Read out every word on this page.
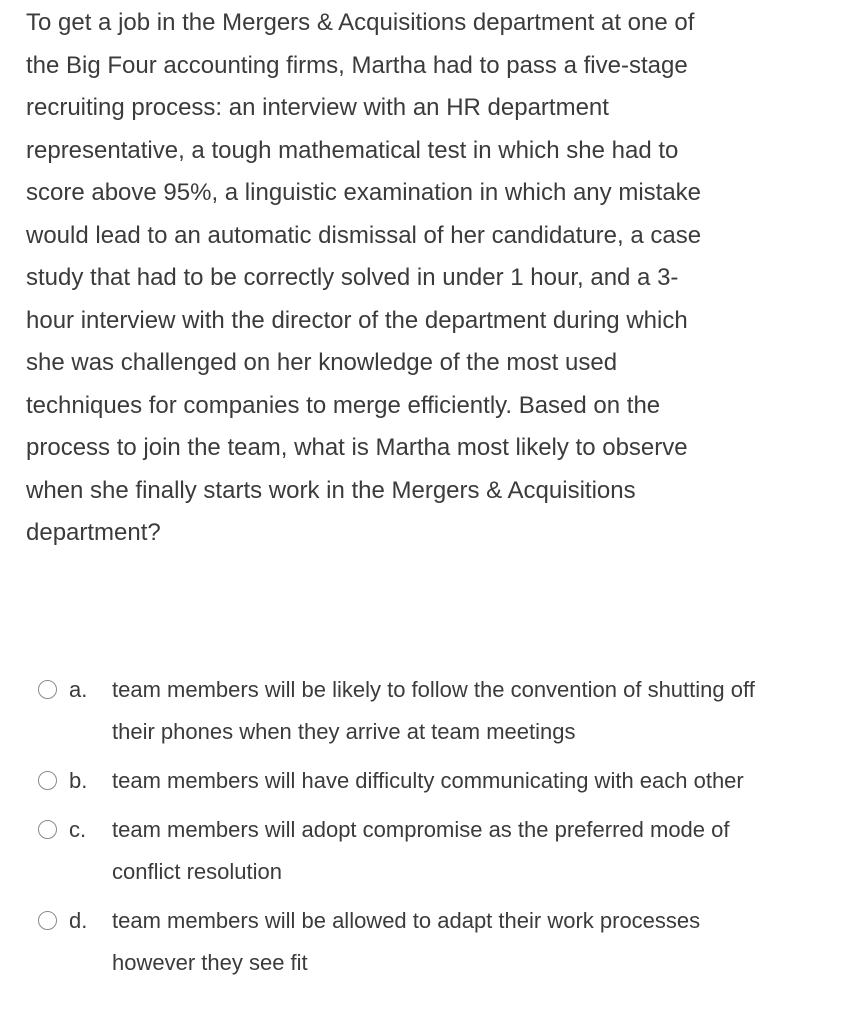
To get a job in the Mergers & Acquisitions department at one of the Big Four accounting firms, Martha had to pass a five-stage recruiting process: an interview with an HR department representative, a tough mathematical test in which she had to score above 95%, a linguistic examination in which any mistake would lead to an automatic dismissal of her candidature, a case study that had to be correctly solved in under 1 hour, and a 3-hour interview with the director of the department during which she was challenged on her knowledge of the most used techniques for companies to merge efficiently. Based on the process to join the team, what is Martha most likely to observe when she finally starts work in the Mergers & Acquisitions department?

a.	team members will be likely to follow the convention of shutting off their phones when they arrive at team meetings
b.	team members will have difficulty communicating with each other
c.	team members will adopt compromise as the preferred mode of conflict resolution
d.	team members will be allowed to adapt their work processes however they see fit
